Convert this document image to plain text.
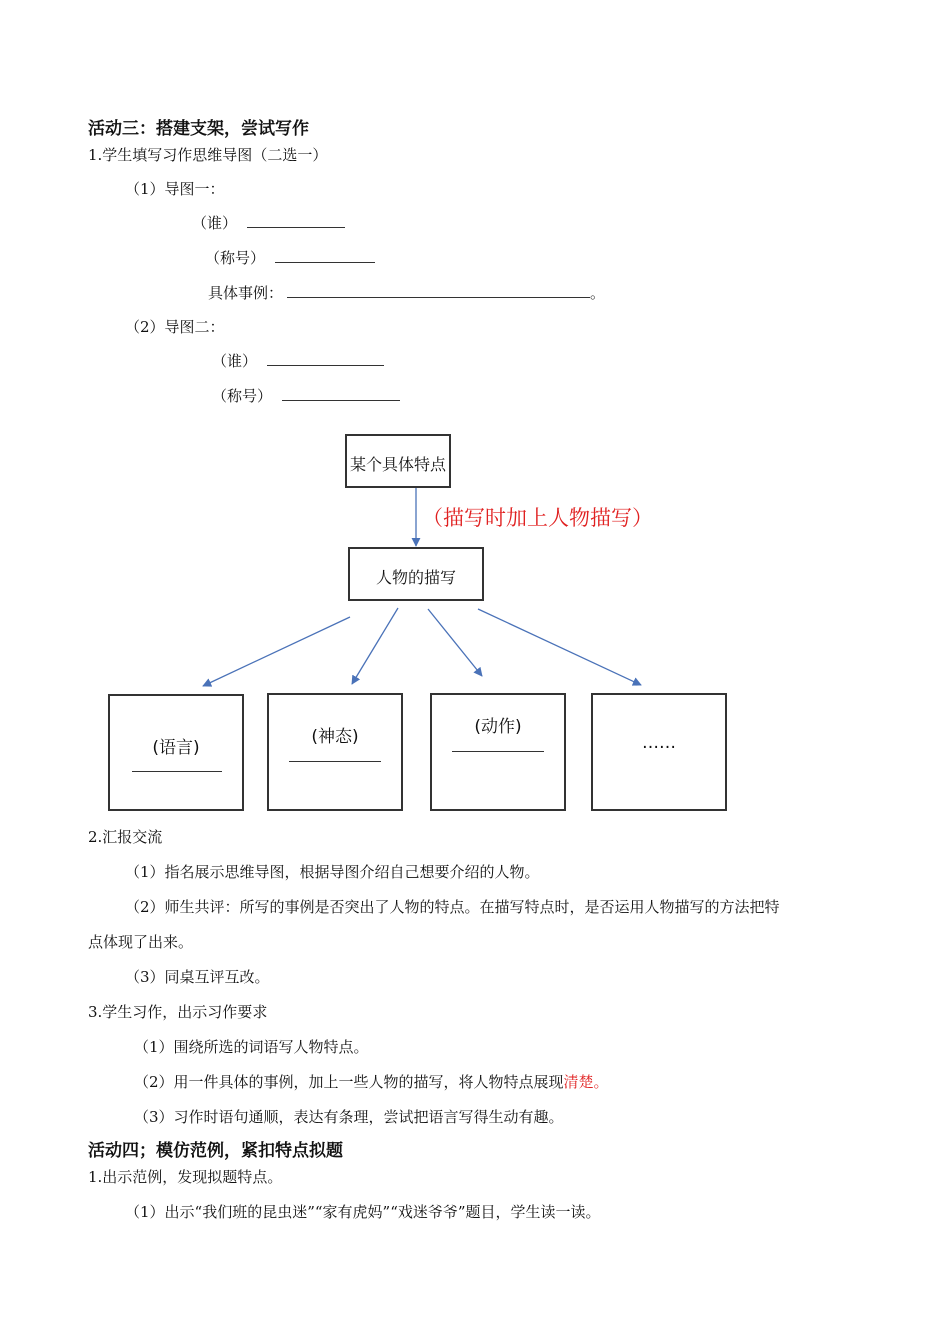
活动三：搭建支架，尝试写作
1.学生填写习作思维导图（二选一）
（1）导图一：
（谁）
（称号）
具体事例：	。
（2）导图二：
（谁）
（称号）
某个具体特点
（描写时加上人物描写）
人物的描写
(语言)
(神态)	(动作)
……
2.汇报交流
（1）指名展示思维导图，根据导图介绍自己想要介绍的人物。
（2）师生共评：所写的事例是否突出了人物的特点。在描写特点时，是否运用人物描写的方法把特
点体现了出来。
（3）同桌互评互改。
3.学生习作，出示习作要求
（1）围绕所选的词语写人物特点。
（2）用一件具体的事例，加上一些人物的描写，将人物特点展现清楚。
（3）习作时语句通顺，表达有条理，尝试把语言写得生动有趣。
活动四；模仿范例，紧扣特点拟题
1.出示范例，发现拟题特点。
（1）出示“我们班的昆虫迷”“家有虎妈”“戏迷爷爷”题目，学生读一读。
